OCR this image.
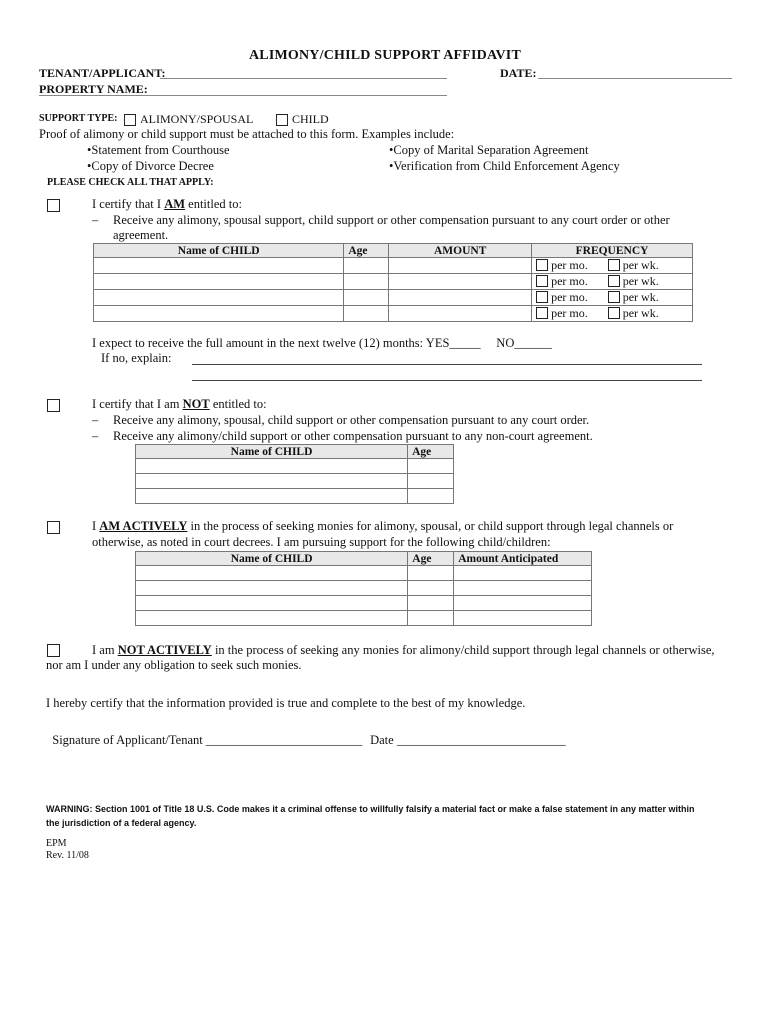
ALIMONY/CHILD SUPPORT AFFIDAVIT
TENANT/APPLICANT:	DATE:
PROPERTY NAME:
SUPPORT TYPE: ALIMONY/SPOUSAL	CHILD
Proof of alimony or child support must be attached to this form. Examples include:
•Statement from Courthouse	•Copy of Marital Separation Agreement
•Copy of Divorce Decree	•Verification from Child Enforcement Agency
PLEASE CHECK ALL THAT APPLY:
I certify that I AM entitled to:
– Receive any alimony, spousal support, child support or other compensation pursuant to any court order or other
agreement.
Name of CHILD	Age	AMOUNT	FREQUENCY
			per mo. per wk.
			per mo. per wk.
			per mo. per wk.
			per mo. per wk.
I expect to receive the full amount in the next twelve (12) months: YES_____     NO______
If no, explain:
I certify that I am NOT entitled to:
– Receive any alimony, spousal, child support or other compensation pursuant to any court order.
– Receive any alimony/child support or other compensation pursuant to any non-court agreement.
Name of CHILD	Age

I AM ACTIVELY in the process of seeking monies for alimony, spousal, or child support through legal channels or
otherwise, as noted in court decrees. I am pursuing support for the following child/children:
Name of CHILD	Age	Amount Anticipated

I am NOT ACTIVELY in the process of seeking any monies for alimony/child support through legal channels or otherwise,
nor am I under any obligation to seek such monies.
I hereby certify that the information provided is true and complete to the best of my knowledge.

Signature of Applicant/Tenant _________________________ Date ___________________________

WARNING: Section 1001 of Title 18 U.S. Code makes it a criminal offense to willfully falsify a material fact or make a false statement in any matter within
the jurisdiction of a federal agency.
EPM
Rev. 11/08
